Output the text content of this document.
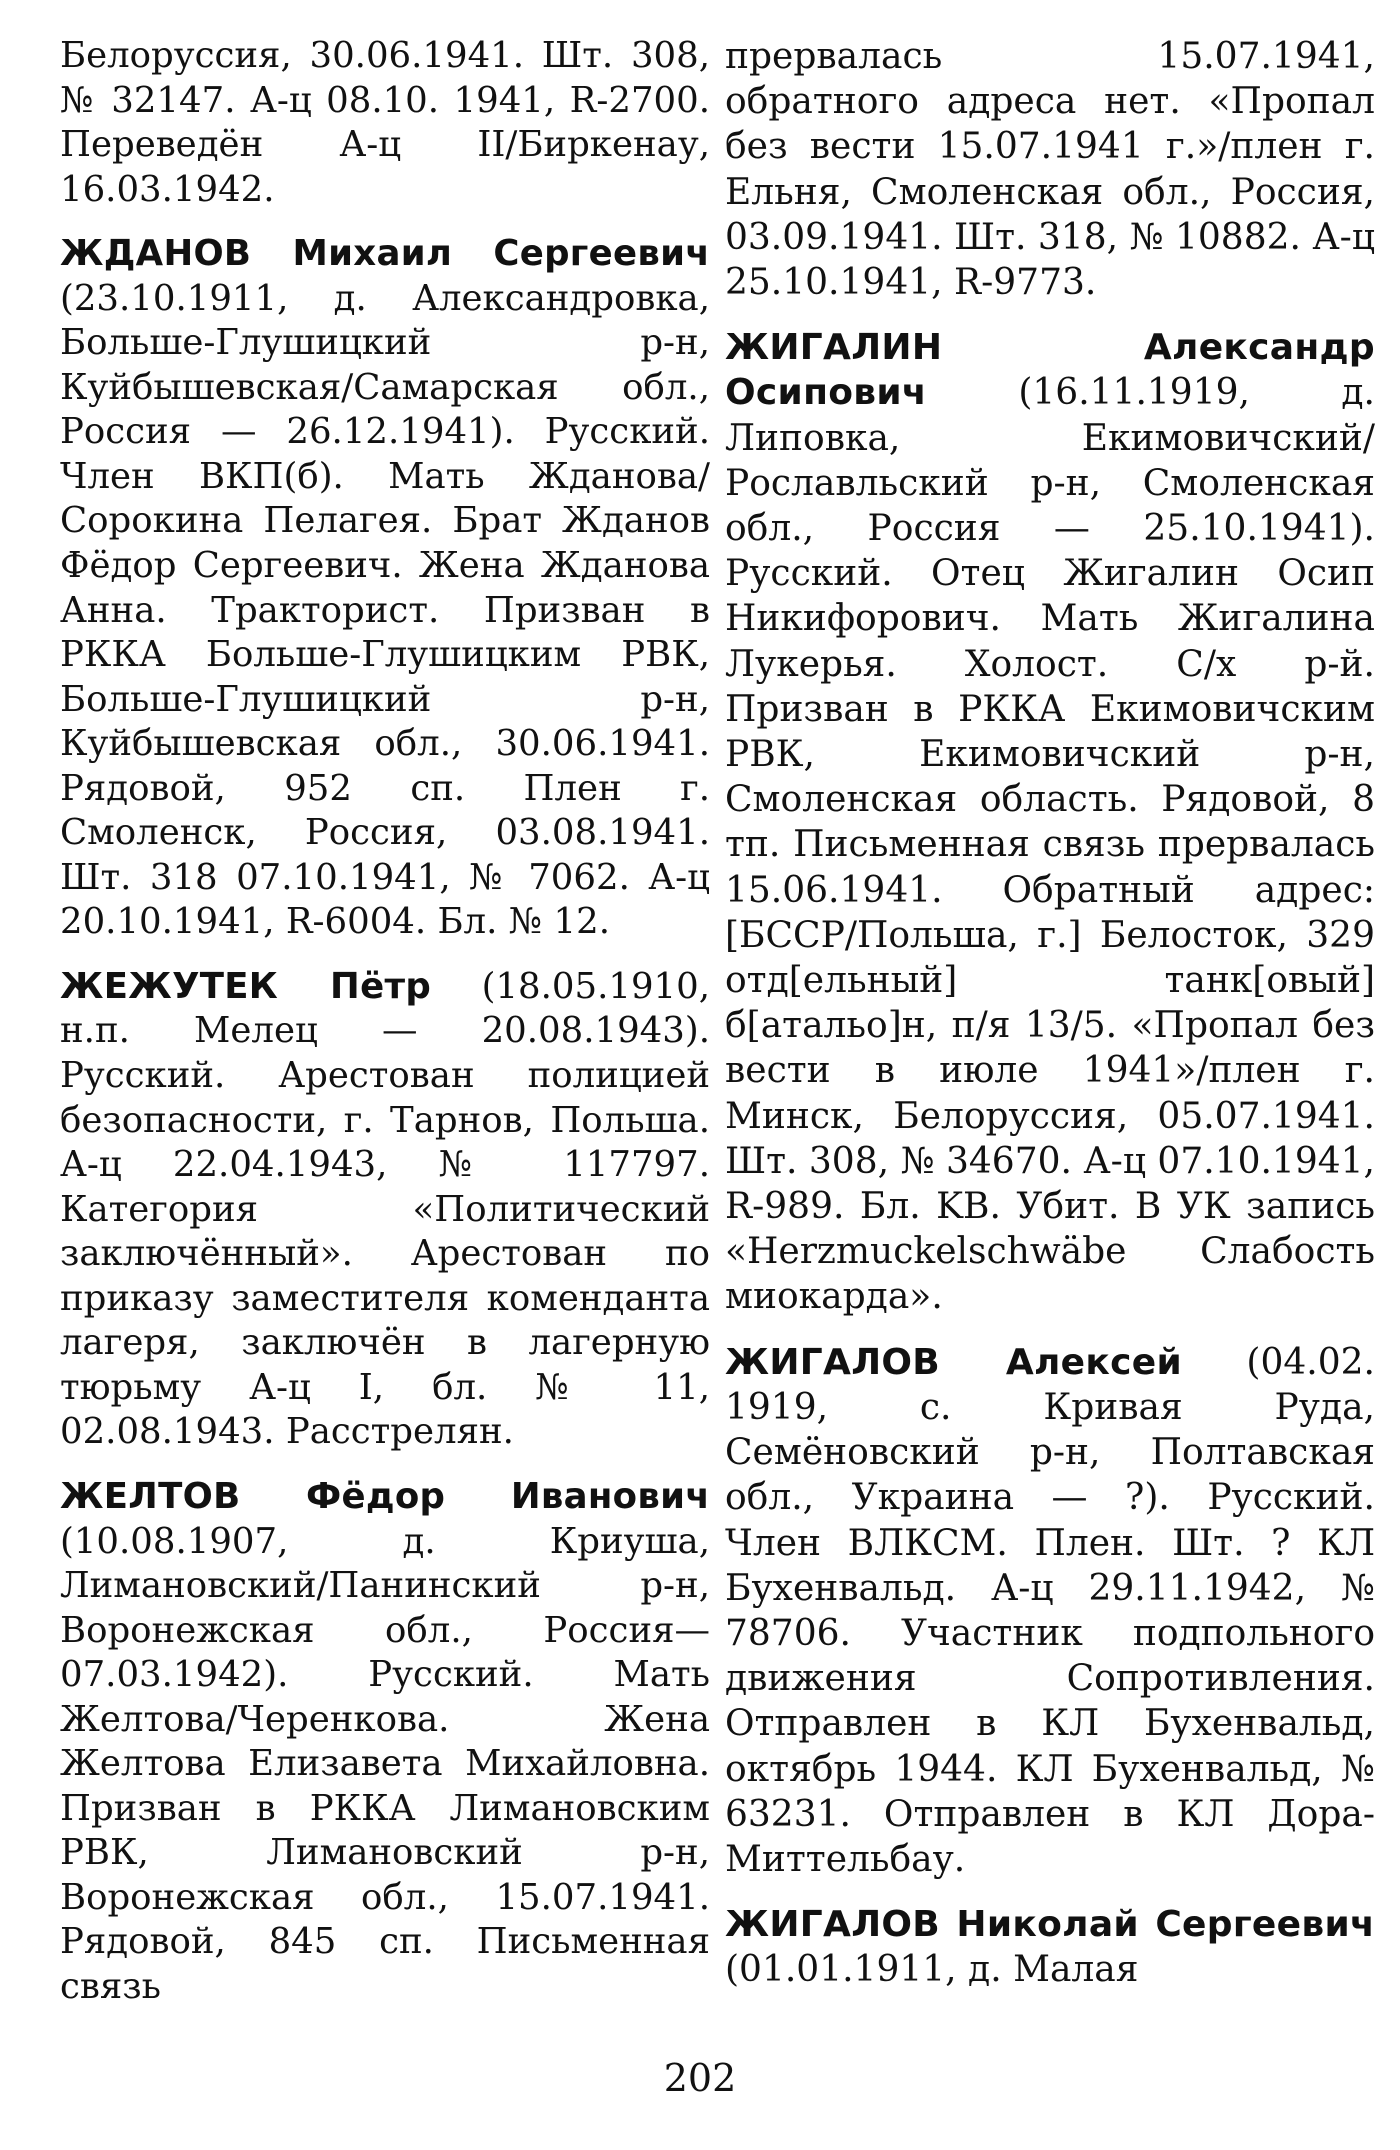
Белоруссия, 30.06.1941. Шт. 308, № 32147. А-ц 08.10. 1941, R-2700. Переведён А-ц II/Биркенау, 16.03.1942.

ЖДАНОВ Михаил Сергеевич (23.10.1911, д. Александровка, Больше-Глушицкий р-н, Куйбышевская/Самарская обл., Россия — 26.12.1941). Русский. Член ВКП(б). Мать Жданова/Сорокина Пелагея. Брат Жданов Фёдор Сергеевич. Жена Жданова Анна. Тракторист. Призван в РККА Больше-Глушицким РВК, Больше-Глушицкий р-н, Куйбышевская обл., 30.06.1941. Рядовой, 952 сп. Плен г. Смоленск, Россия, 03.08.1941. Шт. 318 07.10.1941, № 7062. А-ц 20.10.1941, R-6004. Бл. № 12.

ЖЕЖУТЕК Пётр (18.05.1910, н.п. Мелец — 20.08.1943). Русский. Арестован полицией безопасности, г. Тарнов, Польша. А-ц 22.04.1943, № 117797. Категория «Политический заключённый». Арестован по приказу заместителя коменданта лагеря, заключён в лагерную тюрьму А-ц I, бл. № 11, 02.08.1943. Расстрелян.

ЖЕЛТОВ Фёдор Иванович (10.08.1907, д. Криуша, Лимановский/Панинский р-н, Воронежская обл., Россия— 07.03.1942). Русский. Мать Желтова/Черенкова. Жена Желтова Елизавета Михайловна. Призван в РККА Лимановским РВК, Лимановский р-н, Воронежская обл., 15.07.1941. Рядовой, 845 сп. Письменная связь

прервалась 15.07.1941, обратного адреса нет. «Пропал без вести 15.07.1941 г.»/плен г. Ельня, Смоленская обл., Россия, 03.09.1941. Шт. 318, № 10882. А-ц 25.10.1941, R-9773.

ЖИГАЛИН Александр Осипович (16.11.1919, д. Липовка, Екимовичский/Рославльский р-н, Смоленская обл., Россия — 25.10.1941). Русский. Отец Жигалин Осип Никифорович. Мать Жигалина Лукерья. Холост. С/х р-й. Призван в РККА Екимовичским РВК, Екимовичский р-н, Смоленская область. Рядовой, 8 тп. Письменная связь прервалась 15.06.1941. Обратный адрес: [БССР/Польша, г.] Белосток, 329 отд[ельный] танк[овый] б[атальо]н, п/я 13/5. «Пропал без вести в июле 1941»/плен г. Минск, Белоруссия, 05.07.1941. Шт. 308, № 34670. А-ц 07.10.1941, R-989. Бл. KB. Убит. В УК запись «Herzmuckelschwäbe Слабость миокарда».

ЖИГАЛОВ Алексей (04.02. 1919, с. Кривая Руда, Семёновский р-н, Полтавская обл., Украина — ?). Русский. Член ВЛКСМ. Плен. Шт. ? КЛ Бухенвальд. А-ц 29.11.1942, № 78706. Участник подпольного движения Сопротивления. Отправлен в КЛ Бухенвальд, октябрь 1944. КЛ Бухенвальд, № 63231. Отправлен в КЛ Дора-Миттельбау.

ЖИГАЛОВ Николай Сергеевич (01.01.1911, д. Малая

202
